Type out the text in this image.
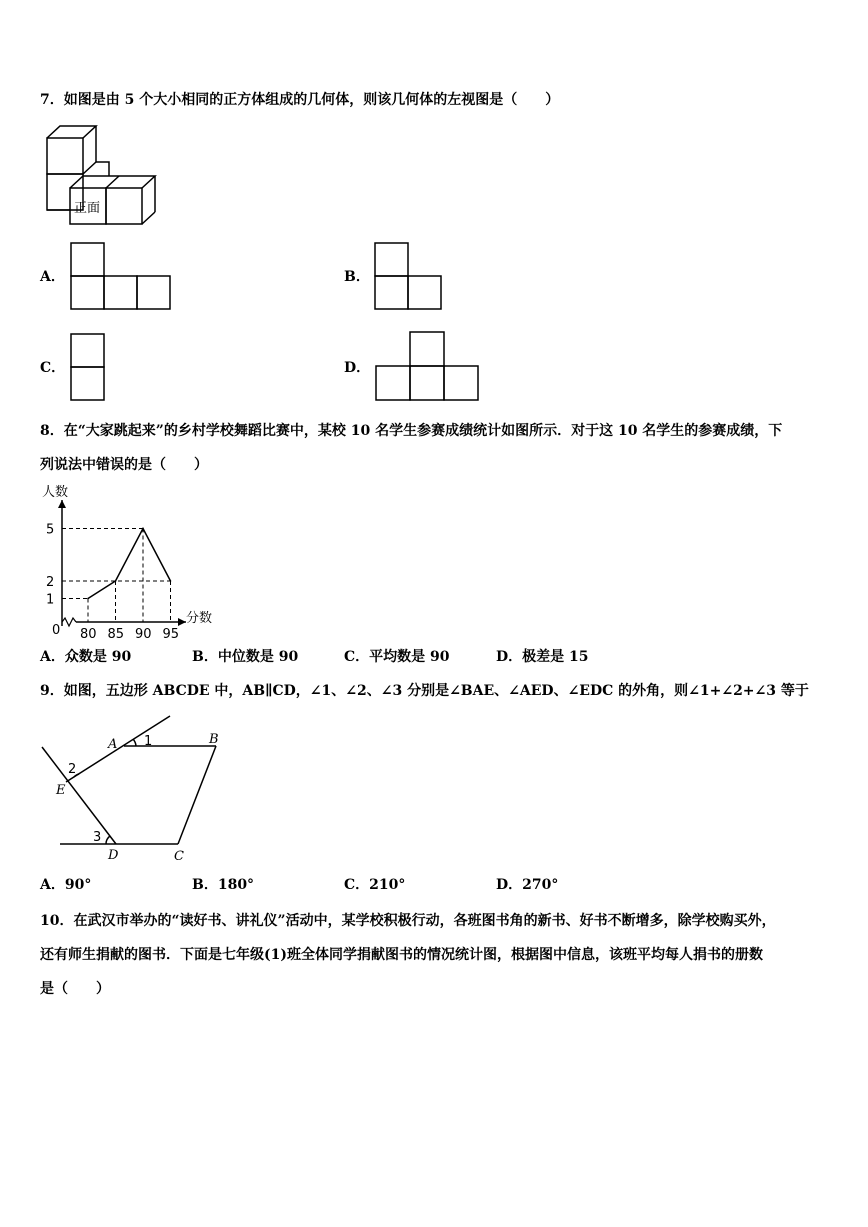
7．如图是由 5 个大小相同的正方体组成的几何体，则该几何体的左视图是（　　）
正面
A．	B．
C．	D．
8．在“大家跳起来”的乡村学校舞蹈比赛中，某校 10 名学生参赛成绩统计如图所示．对于这 10 名学生的参赛成绩，下
列说法中错误的是（　　）
人数
分数
0 80 85 90 95
1
2
5
A．众数是 90	B．中位数是 90	C．平均数是 90	D．极差是 15
9．如图，五边形 ABCDE 中，AB∥CD，∠1、∠2、∠3 分别是∠BAE、∠AED、∠EDC 的外角，则∠1+∠2+∠3 等于
A	B
C
D
E
1
2
3
A．90°	B．180°	C．210°	D．270°
10．在武汉市举办的“读好书、讲礼仪”活动中，某学校积极行动，各班图书角的新书、好书不断增多，除学校购买外，
还有师生捐献的图书．下面是七年级(1)班全体同学捐献图书的情况统计图，根据图中信息，该班平均每人捐书的册数
是（　　）
